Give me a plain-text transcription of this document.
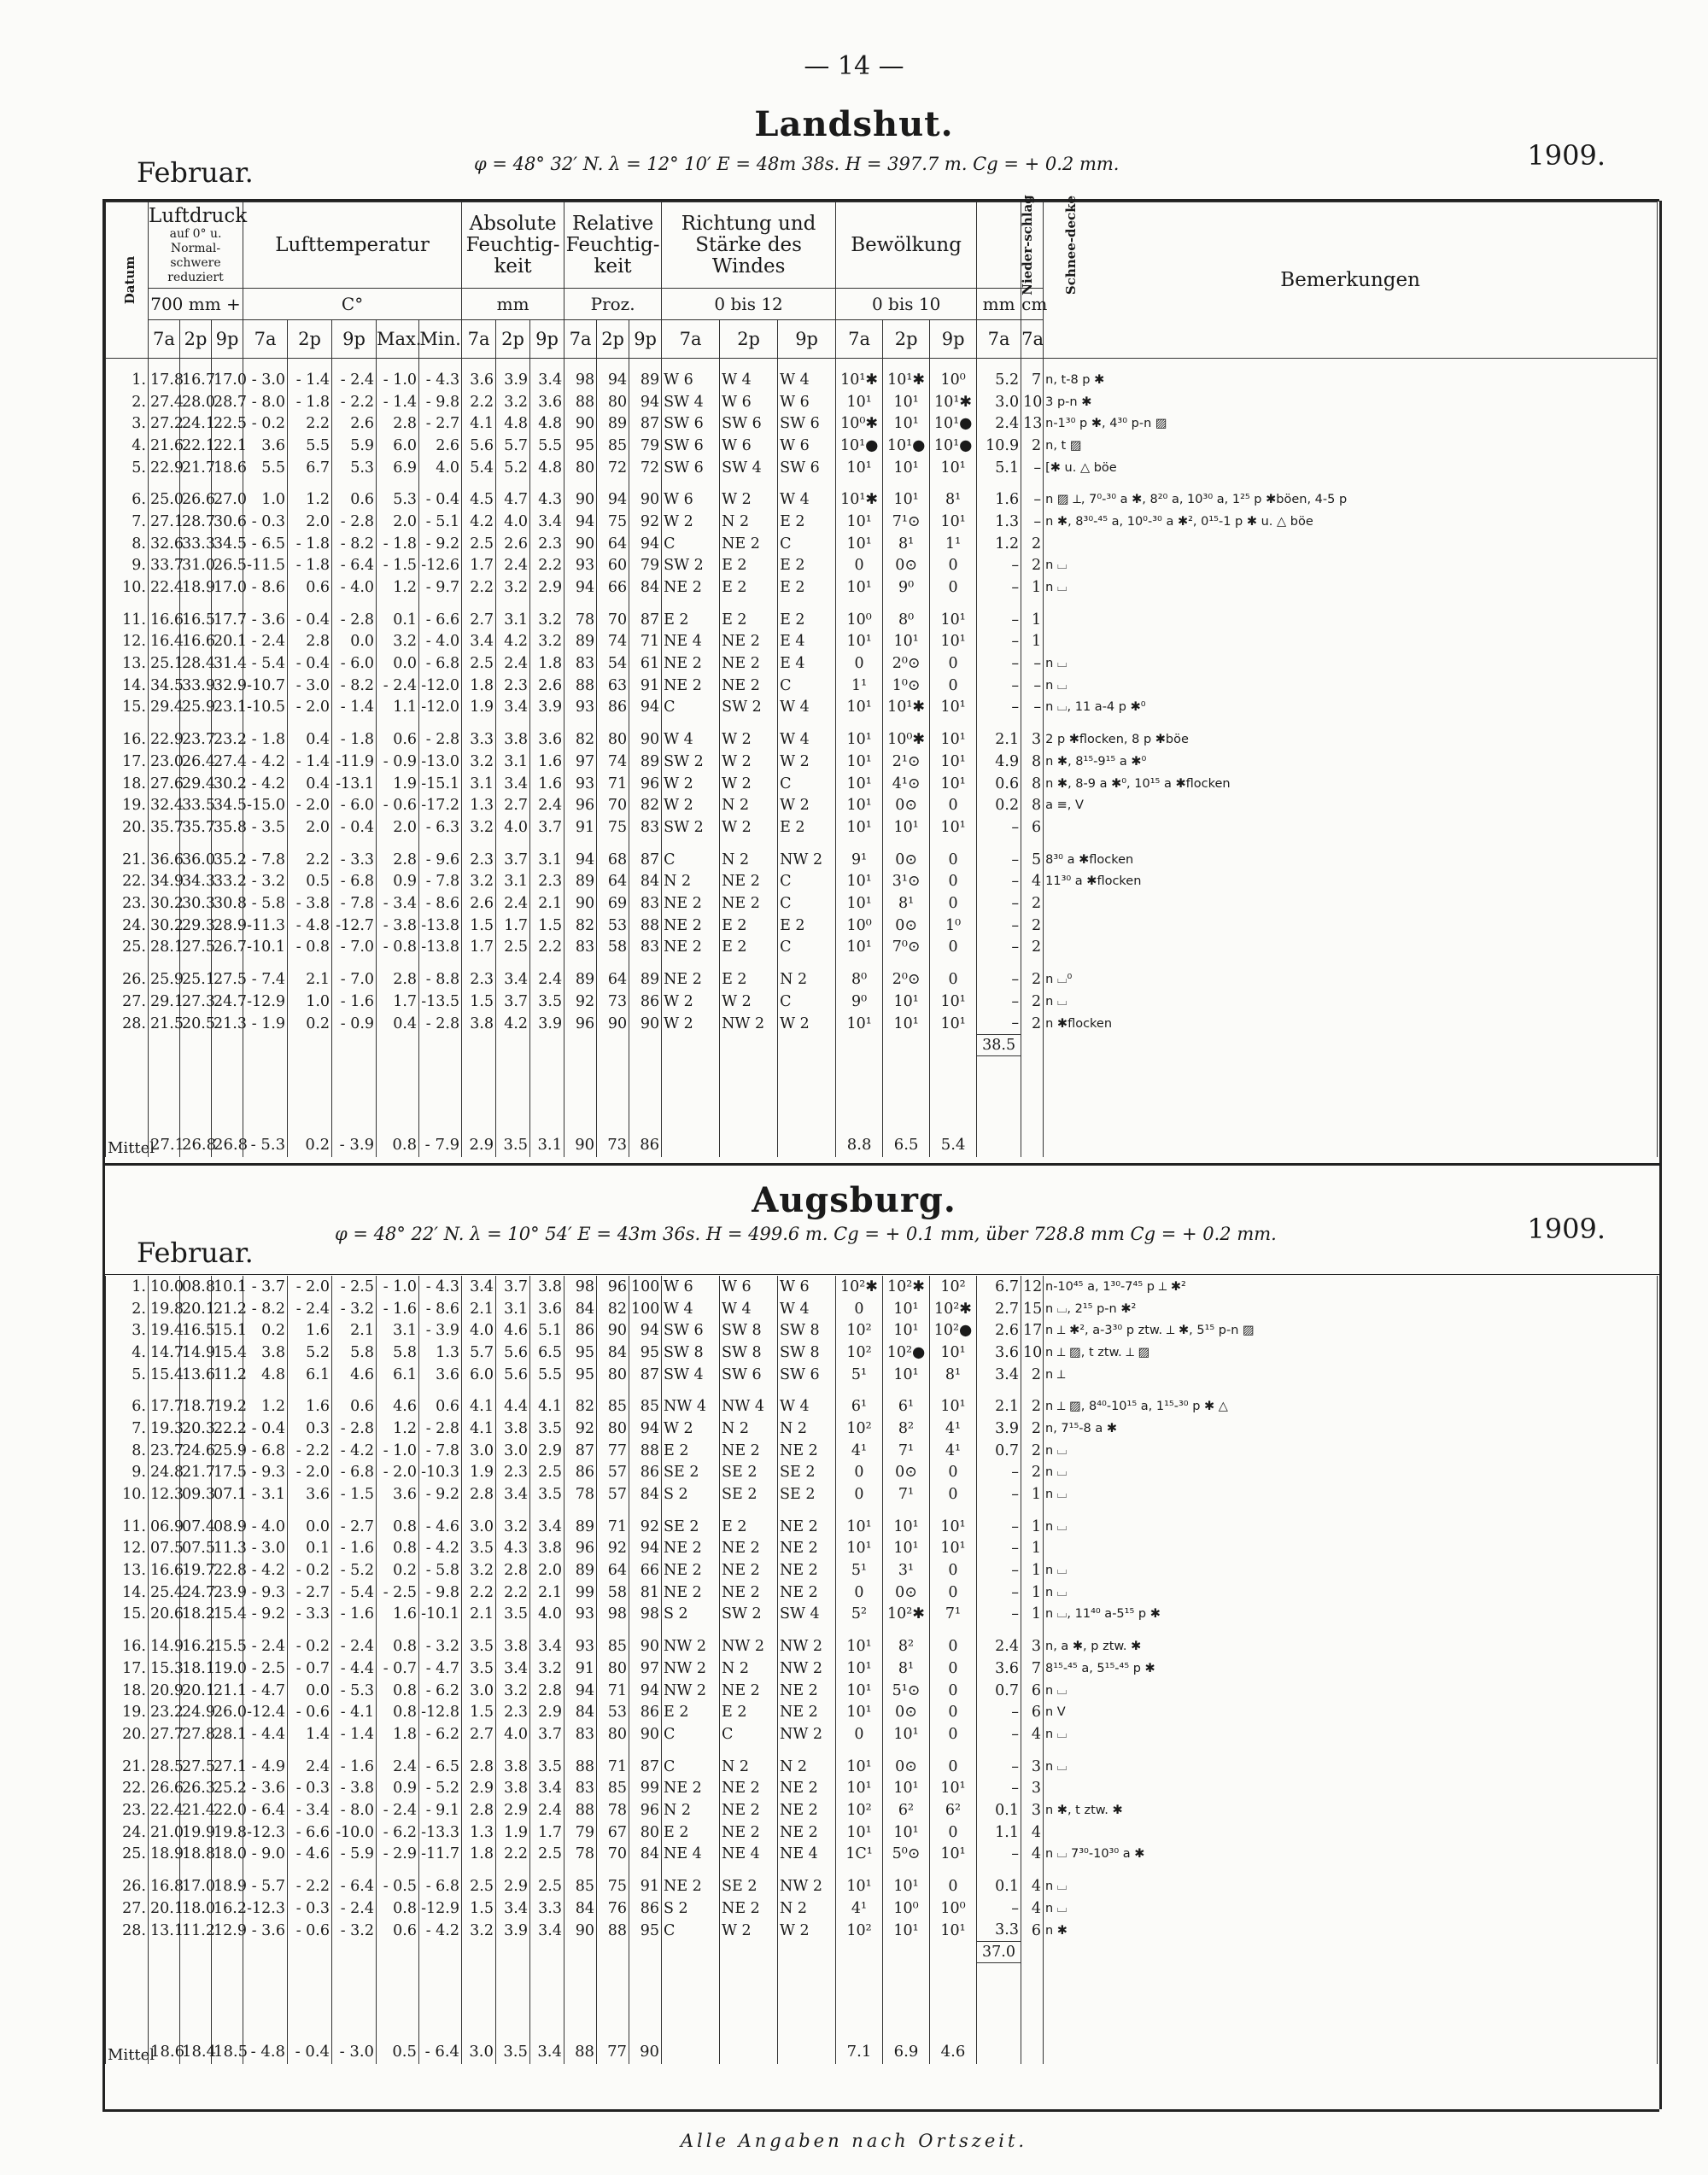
— 14 —
Landshut.
Februar.	φ = 48° 32′ N. λ = 12° 10′ E = 48m 38s. H = 397.7 m. Cg = + 0.2 mm.	1909.
Datum	Luftdruck
auf 0° u. Normal-schwere reduziert			Lufttemperatur					Absolute Feuchtig-keit			Relative Feuchtig-keit			Richtung und Stärke des Windes			Bewölkung			Nieder-schlag	Schnee-decke	Bemerkungen
	700 mm +			C°					mm			Proz.			0 bis 12			0 bis 10			mm	cm	
	7a	2p	9p	7a	2p	9p	Max.	Min.	7a	2p	9p	7a	2p	9p	7a	2p	9p	7a	2p	9p	7a	7a	

1.	17.8	16.7	17.0	- 3.0	- 1.4	- 2.4	- 1.0	- 4.3	3.6	3.9	3.4	98	94	89	W 6	W 4	W 4	10¹✱	10¹✱	10⁰	5.2	7	n, t-8 p ✱
2.	27.4	28.0	28.7	- 8.0	- 1.8	- 2.2	- 1.4	- 9.8	2.2	3.2	3.6	88	80	94	SW 4	W 6	W 6	10¹	10¹	10¹✱	3.0	10	3 p-n ✱
3.	27.2	24.1	22.5	- 0.2	2.2	2.6	2.8	- 2.7	4.1	4.8	4.8	90	89	87	SW 6	SW 6	SW 6	10⁰✱	10¹	10¹●	2.4	13	n-1³⁰ p ✱, 4³⁰ p-n ▨
4.	21.6	22.1	22.1	3.6	5.5	5.9	6.0	2.6	5.6	5.7	5.5	95	85	79	SW 6	W 6	W 6	10¹●	10¹●	10¹●	10.9	2	n, t ▨
5.	22.9	21.7	18.6	5.5	6.7	5.3	6.9	4.0	5.4	5.2	4.8	80	72	72	SW 6	SW 4	SW 6	10¹	10¹	10¹	5.1	–	[✱ u. △ böe

6.	25.0	26.6	27.0	1.0	1.2	0.6	5.3	- 0.4	4.5	4.7	4.3	90	94	90	W 6	W 2	W 4	10¹✱	10¹	8¹	1.6	–	n ▨ ⟂, 7⁰-³⁰ a ✱, 8²⁰ a, 10³⁰ a, 1²⁵ p ✱böen, 4-5 p
7.	27.1	28.7	30.6	- 0.3	2.0	- 2.8	2.0	- 5.1	4.2	4.0	3.4	94	75	92	W 2	N 2	E 2	10¹	7¹⊙	10¹	1.3	–	n ✱, 8³⁰-⁴⁵ a, 10⁰-³⁰ a ✱², 0¹⁵-1 p ✱ u. △ böe
8.	32.6	33.3	34.5	- 6.5	- 1.8	- 8.2	- 1.8	- 9.2	2.5	2.6	2.3	90	64	94	C	NE 2	C	10¹	8¹	1¹	1.2	2	
9.	33.7	31.0	26.5	-11.5	- 1.8	- 6.4	- 1.5	-12.6	1.7	2.4	2.2	93	60	79	SW 2	E 2	E 2	0	0⊙	0	–	2	n ⌴
10.	22.4	18.9	17.0	- 8.6	0.6	- 4.0	1.2	- 9.7	2.2	3.2	2.9	94	66	84	NE 2	E 2	E 2	10¹	9⁰	0	–	1	n ⌴

11.	16.6	16.5	17.7	- 3.6	- 0.4	- 2.8	0.1	- 6.6	2.7	3.1	3.2	78	70	87	E 2	E 2	E 2	10⁰	8⁰	10¹	–	1	
12.	16.4	16.6	20.1	- 2.4	2.8	0.0	3.2	- 4.0	3.4	4.2	3.2	89	74	71	NE 4	NE 2	E 4	10¹	10¹	10¹	–	1	
13.	25.1	28.4	31.4	- 5.4	- 0.4	- 6.0	0.0	- 6.8	2.5	2.4	1.8	83	54	61	NE 2	NE 2	E 4	0	2⁰⊙	0	–	–	n ⌴
14.	34.5	33.9	32.9	-10.7	- 3.0	- 8.2	- 2.4	-12.0	1.8	2.3	2.6	88	63	91	NE 2	NE 2	C	1¹	1⁰⊙	0	–	–	n ⌴
15.	29.4	25.9	23.1	-10.5	- 2.0	- 1.4	1.1	-12.0	1.9	3.4	3.9	93	86	94	C	SW 2	W 4	10¹	10¹✱	10¹	–	–	n ⌴, 11 a-4 p ✱⁰

16.	22.9	23.7	23.2	- 1.8	0.4	- 1.8	0.6	- 2.8	3.3	3.8	3.6	82	80	90	W 4	W 2	W 4	10¹	10⁰✱	10¹	2.1	3	2 p ✱flocken, 8 p ✱böe
17.	23.0	26.4	27.4	- 4.2	- 1.4	-11.9	- 0.9	-13.0	3.2	3.1	1.6	97	74	89	SW 2	W 2	W 2	10¹	2¹⊙	10¹	4.9	8	n ✱, 8¹⁵-9¹⁵ a ✱⁰
18.	27.6	29.4	30.2	- 4.2	0.4	-13.1	1.9	-15.1	3.1	3.4	1.6	93	71	96	W 2	W 2	C	10¹	4¹⊙	10¹	0.6	8	n ✱, 8-9 a ✱⁰, 10¹⁵ a ✱flocken
19.	32.4	33.5	34.5	-15.0	- 2.0	- 6.0	- 0.6	-17.2	1.3	2.7	2.4	96	70	82	W 2	N 2	W 2	10¹	0⊙	0	0.2	8	a ≡, V
20.	35.7	35.7	35.8	- 3.5	2.0	- 0.4	2.0	- 6.3	3.2	4.0	3.7	91	75	83	SW 2	W 2	E 2	10¹	10¹	10¹	–	6	

21.	36.6	36.0	35.2	- 7.8	2.2	- 3.3	2.8	- 9.6	2.3	3.7	3.1	94	68	87	C	N 2	NW 2	9¹	0⊙	0	–	5	8³⁰ a ✱flocken
22.	34.9	34.3	33.2	- 3.2	0.5	- 6.8	0.9	- 7.8	3.2	3.1	2.3	89	64	84	N 2	NE 2	C	10¹	3¹⊙	0	–	4	11³⁰ a ✱flocken
23.	30.2	30.3	30.8	- 5.8	- 3.8	- 7.8	- 3.4	- 8.6	2.6	2.4	2.1	90	69	83	NE 2	NE 2	C	10¹	8¹	0	–	2	
24.	30.2	29.3	28.9	-11.3	- 4.8	-12.7	- 3.8	-13.8	1.5	1.7	1.5	82	53	88	NE 2	E 2	E 2	10⁰	0⊙	1⁰	–	2	
25.	28.1	27.5	26.7	-10.1	- 0.8	- 7.0	- 0.8	-13.8	1.7	2.5	2.2	83	58	83	NE 2	E 2	C	10¹	7⁰⊙	0	–	2	

26.	25.9	25.1	27.5	- 7.4	2.1	- 7.0	2.8	- 8.8	2.3	3.4	2.4	89	64	89	NE 2	E 2	N 2	8⁰	2⁰⊙	0	–	2	n ⌴⁰
27.	29.1	27.3	24.7	-12.9	1.0	- 1.6	1.7	-13.5	1.5	3.7	3.5	92	73	86	W 2	W 2	C	9⁰	10¹	10¹	–	2	n ⌴
28.	21.5	20.5	21.3	- 1.9	0.2	- 0.9	0.4	- 2.8	3.8	4.2	3.9	96	90	90	W 2	NW 2	W 2	10¹	10¹	10¹	–	2	n ✱flocken
																					38.5		

Mittel	27.1	26.8	26.8	- 5.3	0.2	- 3.9	0.8	- 7.9	2.9	3.5	3.1	90	73	86				8.8	6.5	5.4			
Augsburg.
Februar.
φ = 48° 22′ N. λ = 10° 54′ E = 43m 36s. H = 499.6 m. Cg = + 0.1 mm, über 728.8 mm Cg = + 0.2 mm.	1909.
1.	10.0	08.8	10.1	- 3.7	- 2.0	- 2.5	- 1.0	- 4.3	3.4	3.7	3.8	98	96	100	W 6	W 6	W 6	10²✱	10²✱	10²	6.7	12	n-10⁴⁵ a, 1³⁰-7⁴⁵ p ⟂ ✱²
2.	19.8	20.1	21.2	- 8.2	- 2.4	- 3.2	- 1.6	- 8.6	2.1	3.1	3.6	84	82	100	W 4	W 4	W 4	0	10¹	10²✱	2.7	15	n ⌴, 2¹⁵ p-n ✱²
3.	19.4	16.5	15.1	0.2	1.6	2.1	3.1	- 3.9	4.0	4.6	5.1	86	90	94	SW 6	SW 8	SW 8	10²	10¹	10²●	2.6	17	n ⟂ ✱², a-3³⁰ p ztw. ⟂ ✱, 5¹⁵ p-n ▨
4.	14.7	14.9	15.4	3.8	5.2	5.8	5.8	1.3	5.7	5.6	6.5	95	84	95	SW 8	SW 8	SW 8	10²	10²●	10¹	3.6	10	n ⟂ ▨, t ztw. ⟂ ▨
5.	15.4	13.6	11.2	4.8	6.1	4.6	6.1	3.6	6.0	5.6	5.5	95	80	87	SW 4	SW 6	SW 6	5¹	10¹	8¹	3.4	2	n ⟂

6.	17.7	18.7	19.2	1.2	1.6	0.6	4.6	0.6	4.1	4.4	4.1	82	85	85	NW 4	NW 4	W 4	6¹	6¹	10¹	2.1	2	n ⟂ ▨, 8⁴⁰-10¹⁵ a, 1¹⁵-³⁰ p ✱ △
7.	19.3	20.3	22.2	- 0.4	0.3	- 2.8	1.2	- 2.8	4.1	3.8	3.5	92	80	94	W 2	N 2	N 2	10²	8²	4¹	3.9	2	n, 7¹⁵-8 a ✱
8.	23.7	24.6	25.9	- 6.8	- 2.2	- 4.2	- 1.0	- 7.8	3.0	3.0	2.9	87	77	88	E 2	NE 2	NE 2	4¹	7¹	4¹	0.7	2	n ⌴
9.	24.8	21.7	17.5	- 9.3	- 2.0	- 6.8	- 2.0	-10.3	1.9	2.3	2.5	86	57	86	SE 2	SE 2	SE 2	0	0⊙	0	–	2	n ⌴
10.	12.3	09.3	07.1	- 3.1	3.6	- 1.5	3.6	- 9.2	2.8	3.4	3.5	78	57	84	S 2	SE 2	SE 2	0	7¹	0	–	1	n ⌴

11.	06.9	07.4	08.9	- 4.0	0.0	- 2.7	0.8	- 4.6	3.0	3.2	3.4	89	71	92	SE 2	E 2	NE 2	10¹	10¹	10¹	–	1	n ⌴
12.	07.5	07.5	11.3	- 3.0	0.1	- 1.6	0.8	- 4.2	3.5	4.3	3.8	96	92	94	NE 2	NE 2	NE 2	10¹	10¹	10¹	–	1	
13.	16.6	19.7	22.8	- 4.2	- 0.2	- 5.2	0.2	- 5.8	3.2	2.8	2.0	89	64	66	NE 2	NE 2	NE 2	5¹	3¹	0	–	1	n ⌴
14.	25.4	24.7	23.9	- 9.3	- 2.7	- 5.4	- 2.5	- 9.8	2.2	2.2	2.1	99	58	81	NE 2	NE 2	NE 2	0	0⊙	0	–	1	n ⌴
15.	20.6	18.2	15.4	- 9.2	- 3.3	- 1.6	1.6	-10.1	2.1	3.5	4.0	93	98	98	S 2	SW 2	SW 4	5²	10²✱	7¹	–	1	n ⌴, 11⁴⁰ a-5¹⁵ p ✱

16.	14.9	16.2	15.5	- 2.4	- 0.2	- 2.4	0.8	- 3.2	3.5	3.8	3.4	93	85	90	NW 2	NW 2	NW 2	10¹	8²	0	2.4	3	n, a ✱, p ztw. ✱
17.	15.3	18.1	19.0	- 2.5	- 0.7	- 4.4	- 0.7	- 4.7	3.5	3.4	3.2	91	80	97	NW 2	N 2	NW 2	10¹	8¹	0	3.6	7	8¹⁵-⁴⁵ a, 5¹⁵-⁴⁵ p ✱
18.	20.9	20.1	21.1	- 4.7	0.0	- 5.3	0.8	- 6.2	3.0	3.2	2.8	94	71	94	NW 2	NE 2	NE 2	10¹	5¹⊙	0	0.7	6	n ⌴
19.	23.2	24.9	26.0	-12.4	- 0.6	- 4.1	0.8	-12.8	1.5	2.3	2.9	84	53	86	E 2	E 2	NE 2	10¹	0⊙	0	–	6	n V
20.	27.7	27.8	28.1	- 4.4	1.4	- 1.4	1.8	- 6.2	2.7	4.0	3.7	83	80	90	C	C	NW 2	0	10¹	0	–	4	n ⌴

21.	28.5	27.5	27.1	- 4.9	2.4	- 1.6	2.4	- 6.5	2.8	3.8	3.5	88	71	87	C	N 2	N 2	10¹	0⊙	0	–	3	n ⌴
22.	26.6	26.3	25.2	- 3.6	- 0.3	- 3.8	0.9	- 5.2	2.9	3.8	3.4	83	85	99	NE 2	NE 2	NE 2	10¹	10¹	10¹	–	3	
23.	22.4	21.4	22.0	- 6.4	- 3.4	- 8.0	- 2.4	- 9.1	2.8	2.9	2.4	88	78	96	N 2	NE 2	NE 2	10²	6²	6²	0.1	3	n ✱, t ztw. ✱
24.	21.0	19.9	19.8	-12.3	- 6.6	-10.0	- 6.2	-13.3	1.3	1.9	1.7	79	67	80	E 2	NE 2	NE 2	10¹	10¹	0	1.1	4	
25.	18.9	18.8	18.0	- 9.0	- 4.6	- 5.9	- 2.9	-11.7	1.8	2.2	2.5	78	70	84	NE 4	NE 4	NE 4	1C¹	5⁰⊙	10¹	–	4	n ⌴ 7³⁰-10³⁰ a ✱

26.	16.8	17.0	18.9	- 5.7	- 2.2	- 6.4	- 0.5	- 6.8	2.5	2.9	2.5	85	75	91	NE 2	SE 2	NW 2	10¹	10¹	0	0.1	4	n ⌴
27.	20.1	18.0	16.2	-12.3	- 0.3	- 2.4	0.8	-12.9	1.5	3.4	3.3	84	76	86	S 2	NE 2	N 2	4¹	10⁰	10⁰	–	4	n ⌴
28.	13.1	11.2	12.9	- 3.6	- 0.6	- 3.2	0.6	- 4.2	3.2	3.9	3.4	90	88	95	C	W 2	W 2	10²	10¹	10¹	3.3	6	n ✱
																					37.0		

Mittel	18.6	18.4	18.5	- 4.8	- 0.4	- 3.0	0.5	- 6.4	3.0	3.5	3.4	88	77	90				7.1	6.9	4.6			
Alle Angaben nach Ortszeit.
